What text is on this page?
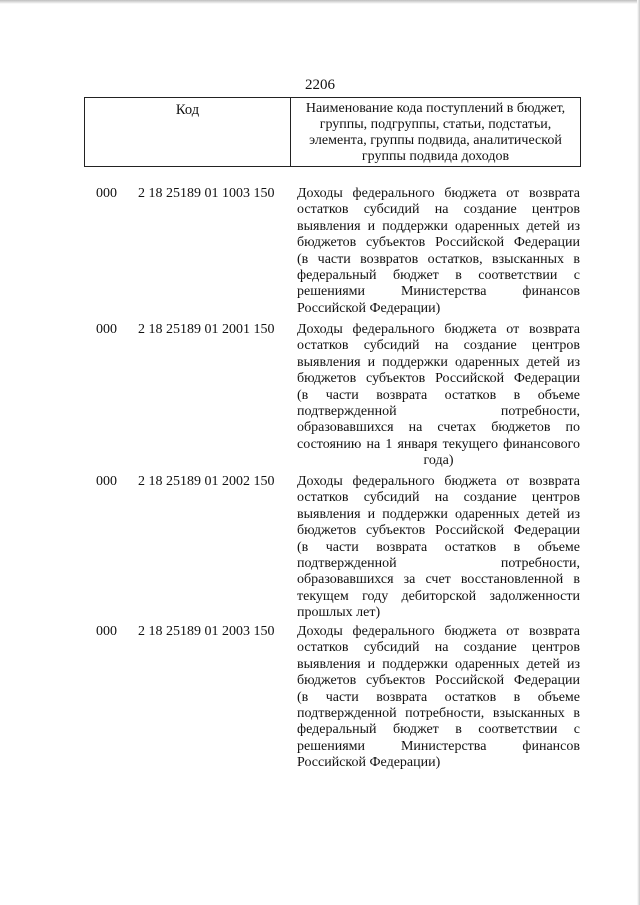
2206
Код	Наименование кода поступлений в бюджет, группы, подгруппы, статьи, подстатьи, элемента, группы подвида, аналитической группы подвида доходов
000 2 18 25189 01 1003 150 Доходы федерального бюджета от возврата
остатков субсидий на создание центров
выявления и поддержки одаренных детей из
бюджетов субъектов Российской Федерации
(в части возвратов остатков, взысканных в
федеральный бюджет в соответствии с
решениями Министерства финансов
Российской Федерации)
000 2 18 25189 01 2001 150 Доходы федерального бюджета от возврата
остатков субсидий на создание центров
выявления и поддержки одаренных детей из
бюджетов субъектов Российской Федерации
(в части возврата остатков в объеме
подтвержденной потребности,
образовавшихся на счетах бюджетов по
состоянию на 1 января текущего финансового
года)
000 2 18 25189 01 2002 150 Доходы федерального бюджета от возврата
остатков субсидий на создание центров
выявления и поддержки одаренных детей из
бюджетов субъектов Российской Федерации
(в части возврата остатков в объеме
подтвержденной потребности,
образовавшихся за счет восстановленной в
текущем году дебиторской задолженности
прошлых лет)
000 2 18 25189 01 2003 150 Доходы федерального бюджета от возврата
остатков субсидий на создание центров
выявления и поддержки одаренных детей из
бюджетов субъектов Российской Федерации
(в части возврата остатков в объеме
подтвержденной потребности, взысканных в
федеральный бюджет в соответствии с
решениями Министерства финансов
Российской Федерации)
